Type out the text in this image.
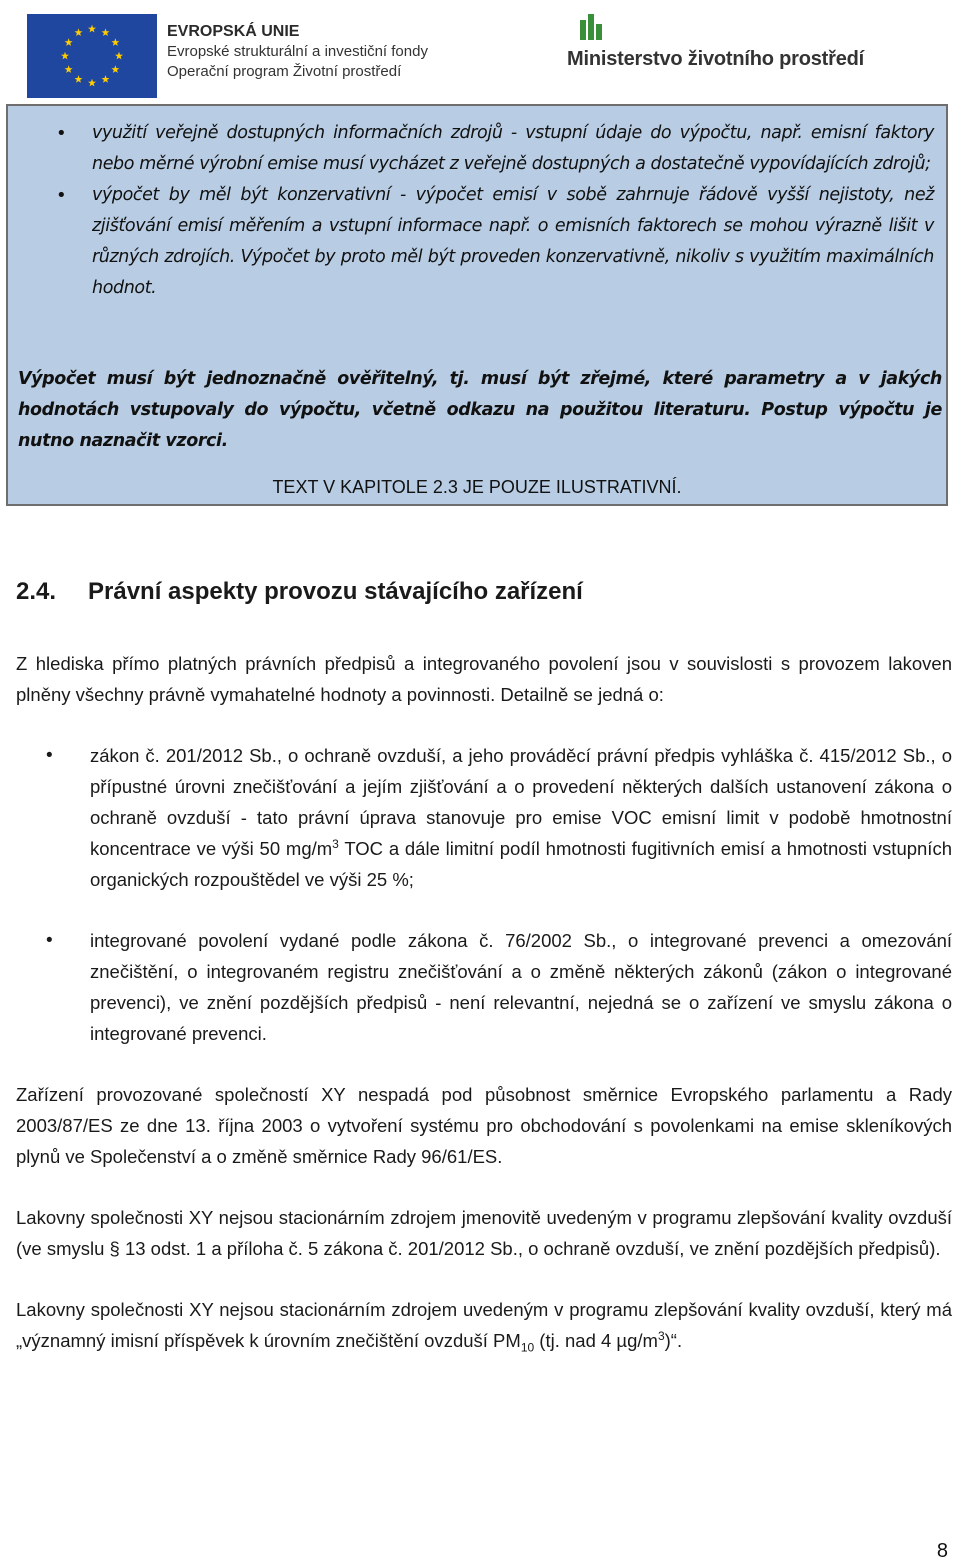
EVROPSKÁ UNIE
Evropské strukturální a investiční fondy
Operační program Životní prostředí
Ministerstvo životního prostředí
• využití veřejně dostupných informačních zdrojů - vstupní údaje do výpočtu, např. emisní faktory nebo měrné výrobní emise musí vycházet z veřejně dostupných a dostatečně vypovídajících zdrojů;
• výpočet by měl být konzervativní - výpočet emisí v sobě zahrnuje řádově vyšší nejistoty, než zjišťování emisí měřením a vstupní informace např. o emisních faktorech se mohou výrazně lišit v různých zdrojích. Výpočet by proto měl být proveden konzervativně, nikoliv s využitím maximálních hodnot.
Výpočet musí být jednoznačně ověřitelný, tj. musí být zřejmé, které parametry a v jakých hodnotách vstupovaly do výpočtu, včetně odkazu na použitou literaturu. Postup výpočtu je nutno naznačit vzorci.
TEXT V KAPITOLE 2.3 JE POUZE ILUSTRATIVNÍ.
2.4. Právní aspekty provozu stávajícího zařízení

Z hlediska přímo platných právních předpisů a integrovaného povolení jsou v souvislosti s provozem lakoven plněny všechny právně vymahatelné hodnoty a povinnosti. Detailně se jedná o:

• zákon č. 201/2012 Sb., o ochraně ovzduší, a jeho prováděcí právní předpis vyhláška č. 415/2012 Sb., o přípustné úrovni znečišťování a jejím zjišťování a o provedení některých dalších ustanovení zákona o ochraně ovzduší - tato právní úprava stanovuje pro emise VOC emisní limit v podobě hmotnostní koncentrace ve výši 50 $mg/m^3$ TOC a dále limitní podíl hmotnosti fugitivních emisí a hmotnosti vstupních organických rozpouštědel ve výši 25 %;
• integrované povolení vydané podle zákona č. 76/2002 Sb., o integrované prevenci a omezování znečištění, o integrovaném registru znečišťování a o změně některých zákonů (zákon o integrované prevenci), ve znění pozdějších předpisů - není relevantní, nejedná se o zařízení ve smyslu zákona o integrované prevenci.

Zařízení provozované společností XY nespadá pod působnost směrnice Evropského parlamentu a Rady 2003/87/ES ze dne 13. října 2003 o vytvoření systému pro obchodování s povolenkami na emise skleníkových plynů ve Společenství a o změně směrnice Rady 96/61/ES.

Lakovny společnosti XY nejsou stacionárním zdrojem jmenovitě uvedeným v programu zlepšování kvality ovzduší (ve smyslu § 13 odst. 1 a příloha č. 5 zákona č. 201/2012 Sb., o ochraně ovzduší, ve znění pozdějších předpisů).

Lakovny společnosti XY nejsou stacionárním zdrojem uvedeným v programu zlepšování kvality ovzduší, který má „významný imisní příspěvek k úrovním znečištění ovzduší $PM_{10}$ (tj. nad 4 $\mu g/m^3)“$.

8
